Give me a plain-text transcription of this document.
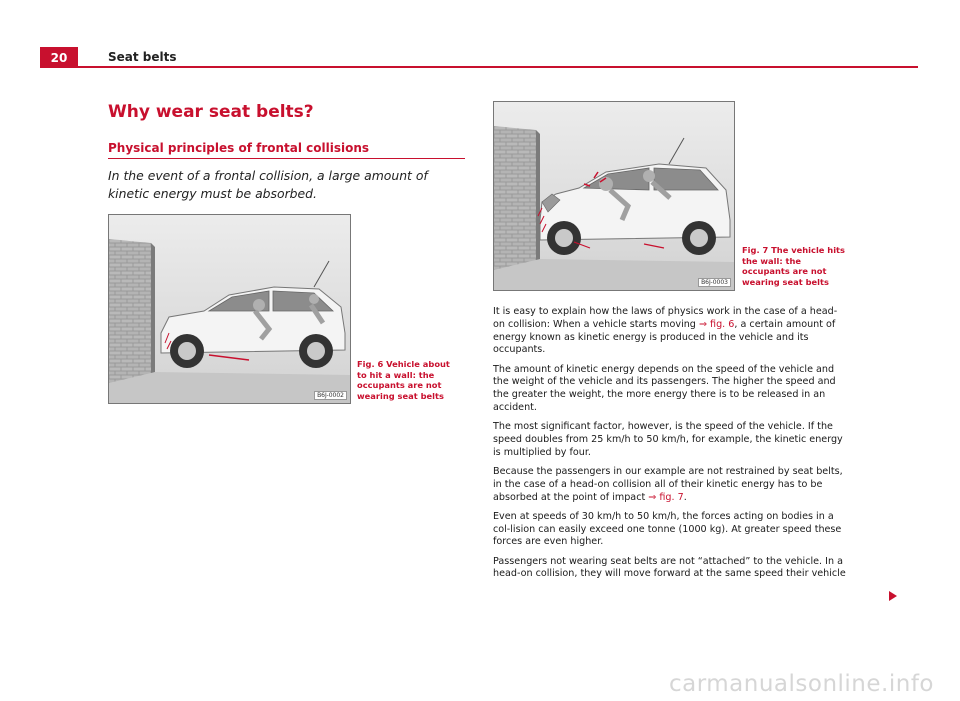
20	Seat belts
Why wear seat belts?
Physical principles of frontal collisions
In the event of a frontal collision, a large amount of kinetic energy must be absorbed.
B6J-0002
Fig. 6 Vehicle about to hit a wall: the occupants are not wearing seat belts
B6J-0003
Fig. 7 The vehicle hits the wall: the occupants are not wearing seat belts

It is easy to explain how the laws of physics work in the case of a head-on collision: When a vehicle starts moving ⇒ fig. 6, a certain amount of energy known as kinetic energy is produced in the vehicle and its occupants.

The amount of kinetic energy depends on the speed of the vehicle and the weight of the vehicle and its passengers. The higher the speed and the greater the weight, the more energy there is to be released in an accident.

The most significant factor, however, is the speed of the vehicle. If the speed doubles from 25 km/h to 50 km/h, for example, the kinetic energy is multiplied by four.

Because the passengers in our example are not restrained by seat belts, in the case of a head-on collision all of their kinetic energy has to be absorbed at the point of impact ⇒ fig. 7.

Even at speeds of 30 km/h to 50 km/h, the forces acting on bodies in a col-lision can easily exceed one tonne (1000 kg). At greater speed these forces are even higher.

Passengers not wearing seat belts are not “attached” to the vehicle. In a head-on collision, they will move forward at the same speed their vehicle

carmanualsonline.info
